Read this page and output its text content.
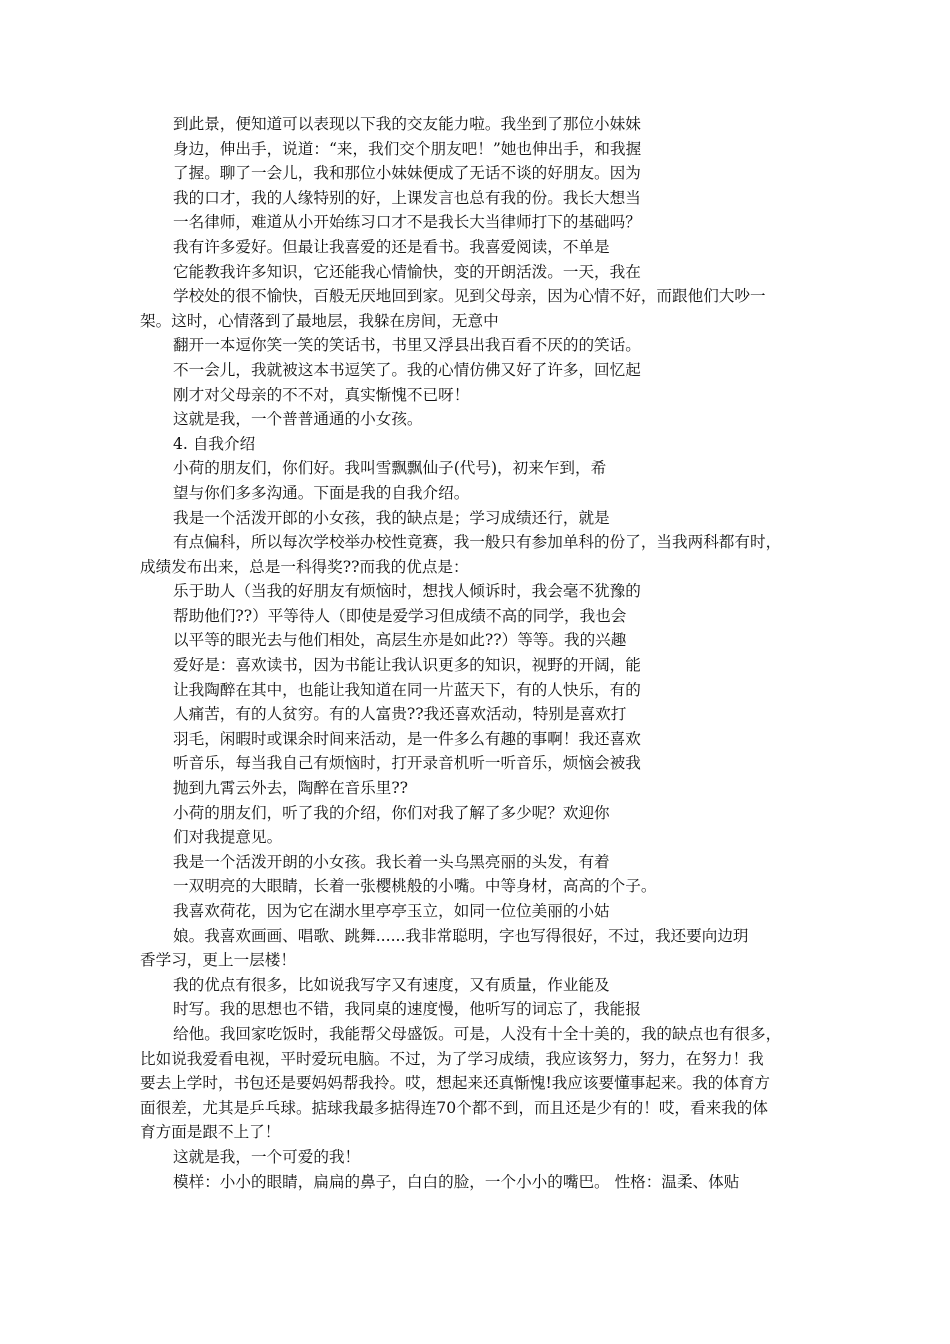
到此景，便知道可以表现以下我的交友能力啦。我坐到了那位小妹妹
身边，伸出手，说道：“来，我们交个朋友吧！”她也伸出手，和我握
了握。聊了一会儿，我和那位小妹妹便成了无话不谈的好朋友。因为
我的口才，我的人缘特别的好，上课发言也总有我的份。我长大想当
一名律师，难道从小开始练习口才不是我长大当律师打下的基础吗？
我有许多爱好。但最让我喜爱的还是看书。我喜爱阅读，不单是
它能教我许多知识，它还能我心情愉快，变的开朗活泼。一天，我在
学校处的很不愉快，百般无厌地回到家。见到父母亲，因为心情不好，而跟他们大吵一
架。这时，心情落到了最地层，我躲在房间，无意中
翻开一本逗你笑一笑的笑话书，书里又浮县出我百看不厌的的笑话。
不一会儿，我就被这本书逗笑了。我的心情仿佛又好了许多，回忆起
刚才对父母亲的不不对，真实惭愧不已呀！
这就是我，一个普普通通的小女孩。
4. 自我介绍
小荷的朋友们，你们好。我叫雪飘飘仙子(代号)，初来乍到，希
望与你们多多沟通。下面是我的自我介绍。
我是一个活泼开郎的小女孩，我的缺点是；学习成绩还行，就是
有点偏科，所以每次学校举办校性竟赛，我一般只有参加单科的份了，当我两科都有时，
成绩发布出来，总是一科得奖??而我的优点是：
乐于助人（当我的好朋友有烦恼时，想找人倾诉时，我会毫不犹豫的
帮助他们??）平等待人（即使是爱学习但成绩不高的同学，我也会
以平等的眼光去与他们相处，高层生亦是如此??）等等。我的兴趣
爱好是：喜欢读书，因为书能让我认识更多的知识，视野的开阔，能
让我陶醉在其中，也能让我知道在同一片蓝天下，有的人快乐，有的
人痛苦，有的人贫穷。有的人富贵??我还喜欢活动，特别是喜欢打
羽毛，闲暇时或课余时间来活动，是一件多么有趣的事啊！我还喜欢
听音乐，每当我自己有烦恼时，打开录音机听一听音乐，烦恼会被我
抛到九霄云外去，陶醉在音乐里??
小荷的朋友们，听了我的介绍，你们对我了解了多少呢？欢迎你
们对我提意见。
我是一个活泼开朗的小女孩。我长着一头乌黑亮丽的头发，有着
一双明亮的大眼睛，长着一张樱桃般的小嘴。中等身材，高高的个子。
我喜欢荷花，因为它在湖水里亭亭玉立，如同一位位美丽的小姑
娘。我喜欢画画、唱歌、跳舞......我非常聪明，字也写得很好，不过，我还要向边玥
香学习，更上一层楼！
我的优点有很多，比如说我写字又有速度，又有质量，作业能及
时写。我的思想也不错，我同桌的速度慢，他听写的词忘了，我能报
给他。我回家吃饭时，我能帮父母盛饭。可是，人没有十全十美的，我的缺点也有很多，
比如说我爱看电视，平时爱玩电脑。不过，为了学习成绩，我应该努力，努力，在努力！我
要去上学时，书包还是要妈妈帮我拎。哎，想起来还真惭愧!我应该要懂事起来。我的体育方
面很差，尤其是乒乓球。掂球我最多掂得连70个都不到，而且还是少有的！哎，看来我的体
育方面是跟不上了！
这就是我，一个可爱的我！
模样：小小的眼睛，扁扁的鼻子，白白的脸，一个小小的嘴巴。 性格：温柔、体贴
